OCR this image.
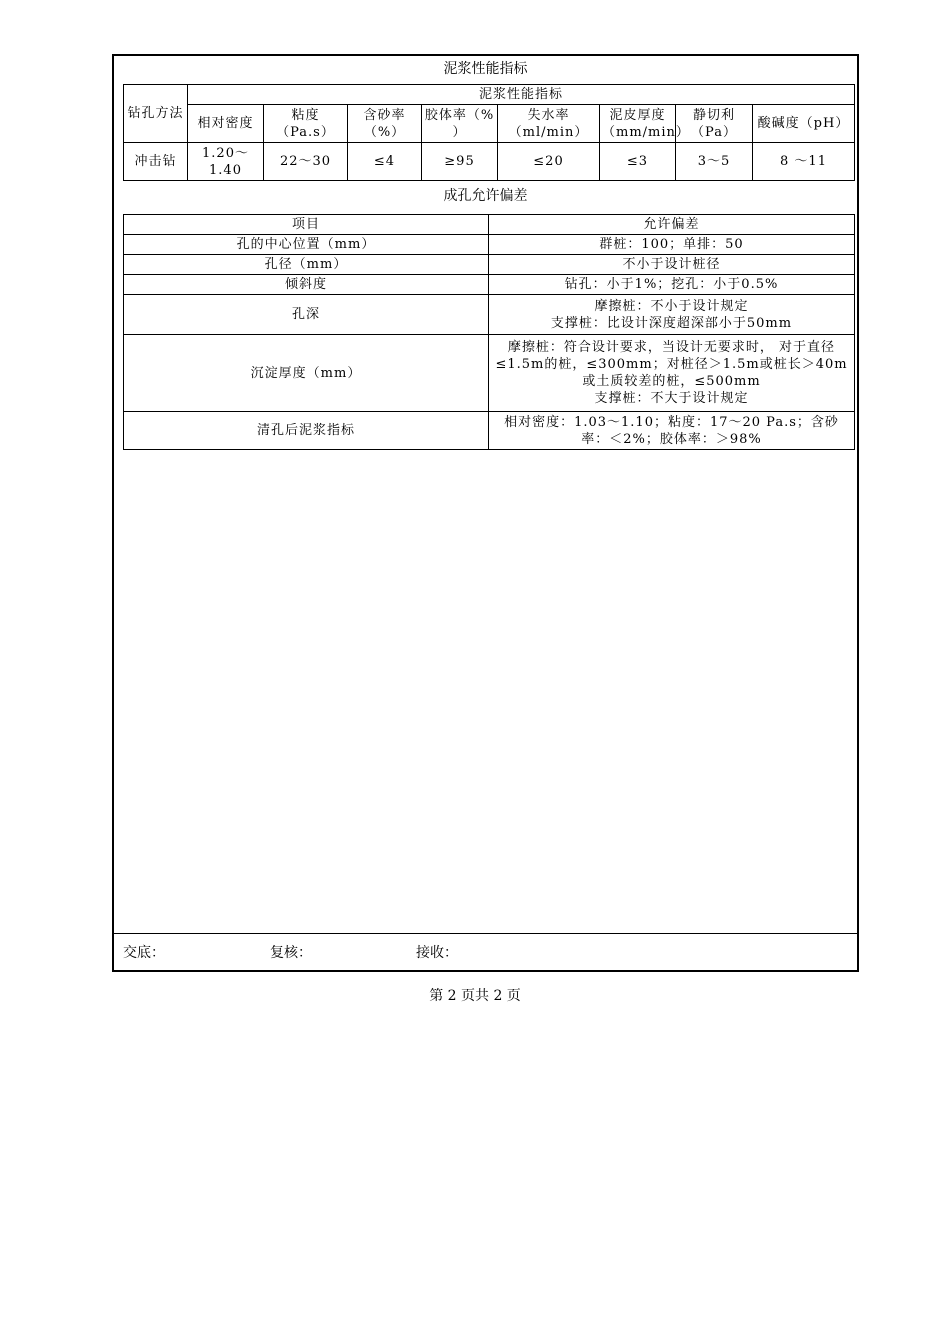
泥浆性能指标
钻孔方法	泥浆性能指标							
	相对密度	粘度（Pa.s）	含砂率（%）	胶体率（% ）	失水率（ml/min）	泥皮厚度（mm/min）	静切利（Pa）	酸碱度（pH）
冲击钻	1.20～1.40	22～30	≤4	≥95	≤20	≤3	3～5	8 ～11
成孔允许偏差
项目	允许偏差
孔的中心位置（mm）	群桩：100；单排：50
孔径（mm）	不小于设计桩径
倾斜度	钻孔：小于1%；挖孔：小于0.5%
孔深	摩擦桩：不小于设计规定
支撑桩：比设计深度超深部小于50mm
沉淀厚度（mm）	摩擦桩：符合设计要求，当设计无要求时， 对于直径≤1.5m的桩，≤300mm；对桩径＞1.5m或桩长＞40m或土质较差的桩，≤500mm
支撑桩：不大于设计规定
清孔后泥浆指标	相对密度：1.03～1.10；粘度：17～20 Pa.s；含砂率：＜2%；胶体率：＞98%
交底：	复核：	接收：
第 2 页共 2 页
